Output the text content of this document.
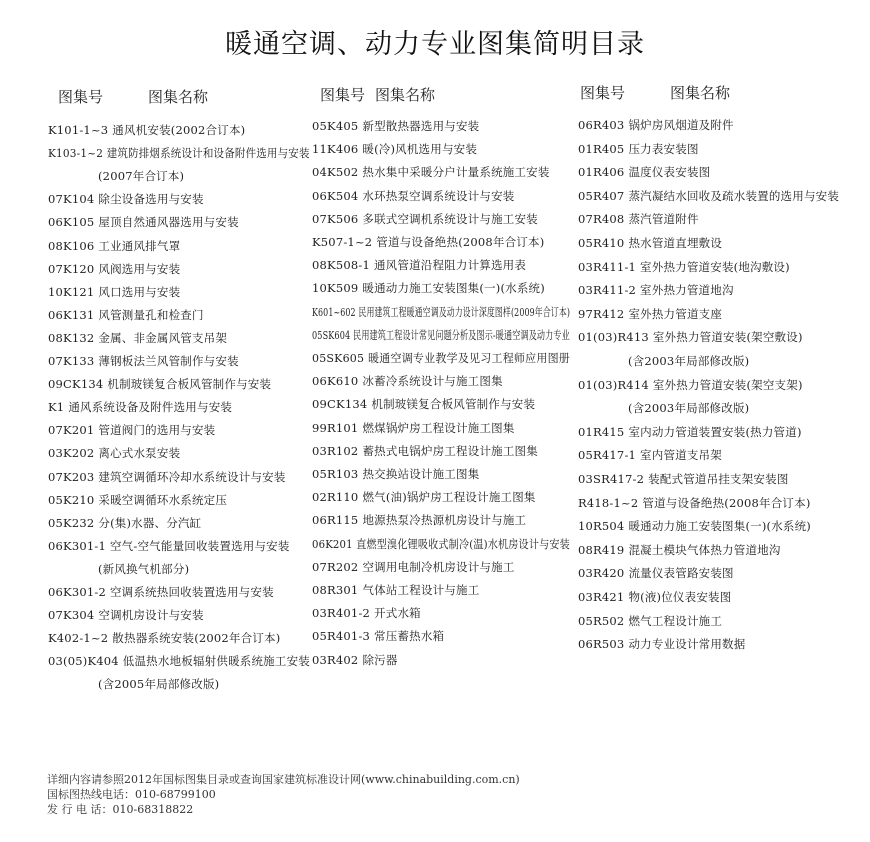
暖通空调、动力专业图集简明目录
图集号	图集名称	图集号 图集名称	图集号	图集名称
K101-1~3 通风机安装(2002合订本)
K103-1~2 建筑防排烟系统设计和设备附件选用与安装
(2007年合订本)
07K104 除尘设备选用与安装
06K105 屋顶自然通风器选用与安装
08K106 工业通风排气罩
07K120 风阀选用与安装
10K121 风口选用与安装
06K131 风管测量孔和检查门
08K132 金属、非金属风管支吊架
07K133 薄钢板法兰风管制作与安装
09CK134 机制玻镁复合板风管制作与安装
K1 通风系统设备及附件选用与安装
07K201 管道阀门的选用与安装
03K202 离心式水泵安装
07K203 建筑空调循环冷却水系统设计与安装
05K210 采暖空调循环水系统定压
05K232 分(集)水器、分汽缸
06K301-1 空气-空气能量回收装置选用与安装
(新风换气机部分)
06K301-2 空调系统热回收装置选用与安装
07K304 空调机房设计与安装
K402-1~2 散热器系统安装(2002年合订本)
03(05)K404 低温热水地板辐射供暖系统施工安装
(含2005年局部修改版)
05K405 新型散热器选用与安装
11K406 暖(冷)风机选用与安装
04K502 热水集中采暖分户计量系统施工安装
06K504 水环热泵空调系统设计与安装
07K506 多联式空调机系统设计与施工安装
K507-1~2 管道与设备绝热(2008年合订本)
08K508-1 通风管道沿程阻力计算选用表
10K509 暖通动力施工安装图集(一)(水系统)
K601~602 民用建筑工程暖通空调及动力设计深度图样(2009年合订本)
05SK604 民用建筑工程设计常见问题分析及图示-暖通空调及动力专业
05SK605 暖通空调专业教学及见习工程师应用图册
06K610 冰蓄冷系统设计与施工图集
09CK134 机制玻镁复合板风管制作与安装
99R101 燃煤锅炉房工程设计施工图集
03R102 蓄热式电锅炉房工程设计施工图集
05R103 热交换站设计施工图集
02R110 燃气(油)锅炉房工程设计施工图集
06R115 地源热泵冷热源机房设计与施工
06K201 直燃型溴化锂吸收式制冷(温)水机房设计与安装
07R202 空调用电制冷机房设计与施工
08R301 气体站工程设计与施工
03R401-2 开式水箱
05R401-3 常压蓄热水箱
03R402 除污器
06R403 锅炉房风烟道及附件
01R405 压力表安装图
01R406 温度仪表安装图
05R407 蒸汽凝结水回收及疏水装置的选用与安装
07R408 蒸汽管道附件
05R410 热水管道直埋敷设
03R411-1 室外热力管道安装(地沟敷设)
03R411-2 室外热力管道地沟
97R412 室外热力管道支座
01(03)R413 室外热力管道安装(架空敷设)
(含2003年局部修改版)
01(03)R414 室外热力管道安装(架空支架)
(含2003年局部修改版)
01R415 室内动力管道装置安装(热力管道)
05R417-1 室内管道支吊架
03SR417-2 装配式管道吊挂支架安装图
R418-1~2 管道与设备绝热(2008年合订本)
10R504 暖通动力施工安装图集(一)(水系统)
08R419 混凝土模块气体热力管道地沟
03R420 流量仪表管路安装图
03R421 物(液)位仪表安装图
05R502 燃气工程设计施工
06R503 动力专业设计常用数据
详细内容请参照2012年国标图集目录或查询国家建筑标准设计网(www.chinabuilding.com.cn)
国标图热线电话：010-68799100
发 行 电 话：010-68318822
